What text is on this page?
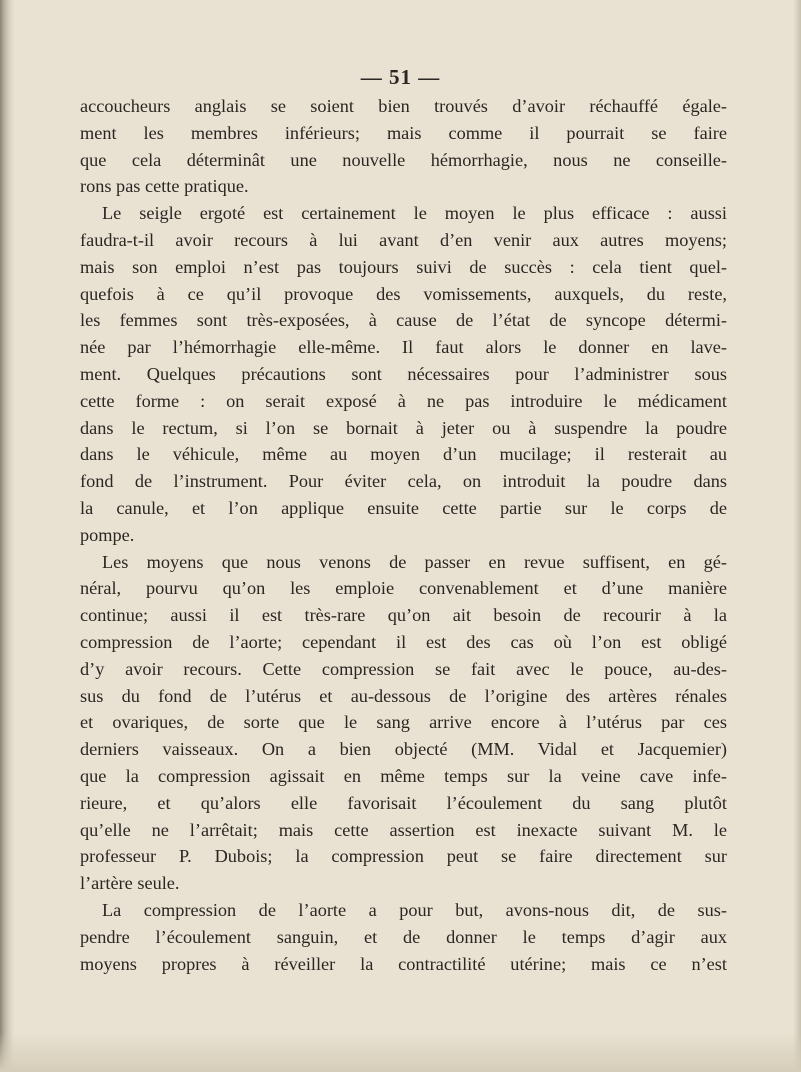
— 51 —
accoucheurs anglais se soient bien trouvés d’avoir réchauffé égale-
ment les membres inférieurs; mais comme il pourrait se faire
que cela déterminât une nouvelle hémorrhagie, nous ne conseille-
rons pas cette pratique.
Le seigle ergoté est certainement le moyen le plus efficace : aussi
faudra-t-il avoir recours à lui avant d’en venir aux autres moyens;
mais son emploi n’est pas toujours suivi de succès : cela tient quel-
quefois à ce qu’il provoque des vomissements, auxquels, du reste,
les femmes sont très-exposées, à cause de l’état de syncope détermi-
née par l’hémorrhagie elle-même. Il faut alors le donner en lave-
ment. Quelques précautions sont nécessaires pour l’administrer sous
cette forme : on serait exposé à ne pas introduire le médicament
dans le rectum, si l’on se bornait à jeter ou à suspendre la poudre
dans le véhicule, même au moyen d’un mucilage; il resterait au
fond de l’instrument. Pour éviter cela, on introduit la poudre dans
la canule, et l’on applique ensuite cette partie sur le corps de
pompe.
Les moyens que nous venons de passer en revue suffisent, en gé-
néral, pourvu qu’on les emploie convenablement et d’une manière
continue; aussi il est très-rare qu’on ait besoin de recourir à la
compression de l’aorte; cependant il est des cas où l’on est obligé
d’y avoir recours. Cette compression se fait avec le pouce, au-des-
sus du fond de l’utérus et au-dessous de l’origine des artères rénales
et ovariques, de sorte que le sang arrive encore à l’utérus par ces
derniers vaisseaux. On a bien objecté (MM. Vidal et Jacquemier)
que la compression agissait en même temps sur la veine cave infe-
rieure, et qu’alors elle favorisait l’écoulement du sang plutôt
qu’elle ne l’arrêtait; mais cette assertion est inexacte suivant M. le
professeur P. Dubois; la compression peut se faire directement sur
l’artère seule.
La compression de l’aorte a pour but, avons-nous dit, de sus-
pendre l’écoulement sanguin, et de donner le temps d’agir aux
moyens propres à réveiller la contractilité utérine; mais ce n’est
